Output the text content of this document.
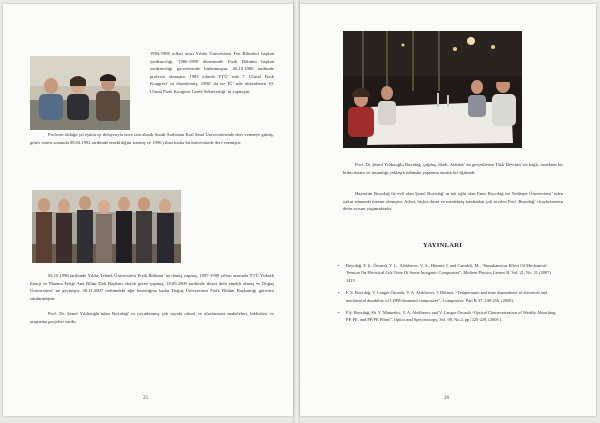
1984-1986 yılları arası Yıldız Üniversitesi Fen Bilimleri başkan yardımcılığı, 1986-1989 döneminde Fizik Bölümü başkan yardımcılığı görevlerinde bulunmuştur. 26.10.1980 tarihinde profesör olmuştur. 1983 yılında YTÜ’ nde 7. Ulusal Fizik Kongresi’ ni düzenlemiş, 1986’ da ise İÜ’ nde düzenlenen 10. Ulusal Fizik Kongresi Genel Sekreterliği’ ni yapmıştır.
Profesör olduğu yıl eşinin işi dolayısıyla önce izin alarak Suudi Arabistan Kral Saud Üniversitesinde ders vermeye gitmiş, görev süresi sonunda 08.04.1992 tarihinde emekliliğini istemiş ve 1996 yılına kadar bu üniversitede ders vermiştir.
03.10.1996 tarihinde Yıldız Teknik Üniversitesi Fizik Bölümü’ ne dönüş yapmış, 1997-1998 yılları arasında YTÜ Yüksek Enerji ve Plazma Fiziği Ana Bilim Dalı Başkanı olarak görev yapmış, 18.09.2000 tarihinde ikinci defa emekli olmuş ve Doğuş Üniversitesi’ ne geçmiştir. 30.11.2007 tarihindeki ağır hastalığına kadar Doğuş Üniversitesi Fizik Bölüm Başkanlığı görevini sürdürmüştür.
Prof. Dr. Şenol Yıldızoğlu’ndan Boyrdağ’ ın yayınlanmış çok sayıda ulusal ve uluslararası makaleleri, bildirileri ve araştırma projeleri vardır.
25
Prof. Dr. Şenol Yıldızoğlu Boyrdağ, çağdaş, ilkeli, Atatürk’ ün gerçeklerini Türk Devrimi’ ne bağlı, örnekten bir bilim insanı ve insandığı yaklaşık ödünsüz yaşamını tanıtık bir eğitimdi.
Hayretim Boyrdağ ile evli olan Şenol Boyrdağ’ ın tek oğlu olan Emir Boyrdağ ise Yeditepe Üniversitesi’ nden yakın zamanda mezun olmuştur. Ailesi, hiçbir dosta ve meslektaş tarafından çok sevilen Prof. Boyrdağ’ ı kaybetmenin derin acısını yaşamaktadır.
YAYINLARI
• Boyrdağ, F. Ş., Özcanlı, Y. L., Alekberov, V. A., Hikmet, I. and Camdeli, M., “Simultaneous Effect Of Mechanical Tension On Electrical Life Time Of Some Inorganic Composites”, Modern Physics Letters B, Vol. 21, No. 21 (2007) 1415
• F. Ş. Boyrdağ, V. Langer Özcanlı, V. A. Alekberov, I. Hikmet, “Temperature and time dependence of electrical and mechanical durability of LDPE/diamond composites”, Composites: Part B 37, 249-256, (2006).
• F.Ş. Boyrdağ, Sh. V. Mamedov, V. A. Alekberov and V. Langer Özcanlı “Optical Characterization of Weakly Absorbing PP, PE, and PP/PE Films”, Optics and Spectroscopy, Vol. 98, No.2, pp. 225-229, (2005 ).
26
